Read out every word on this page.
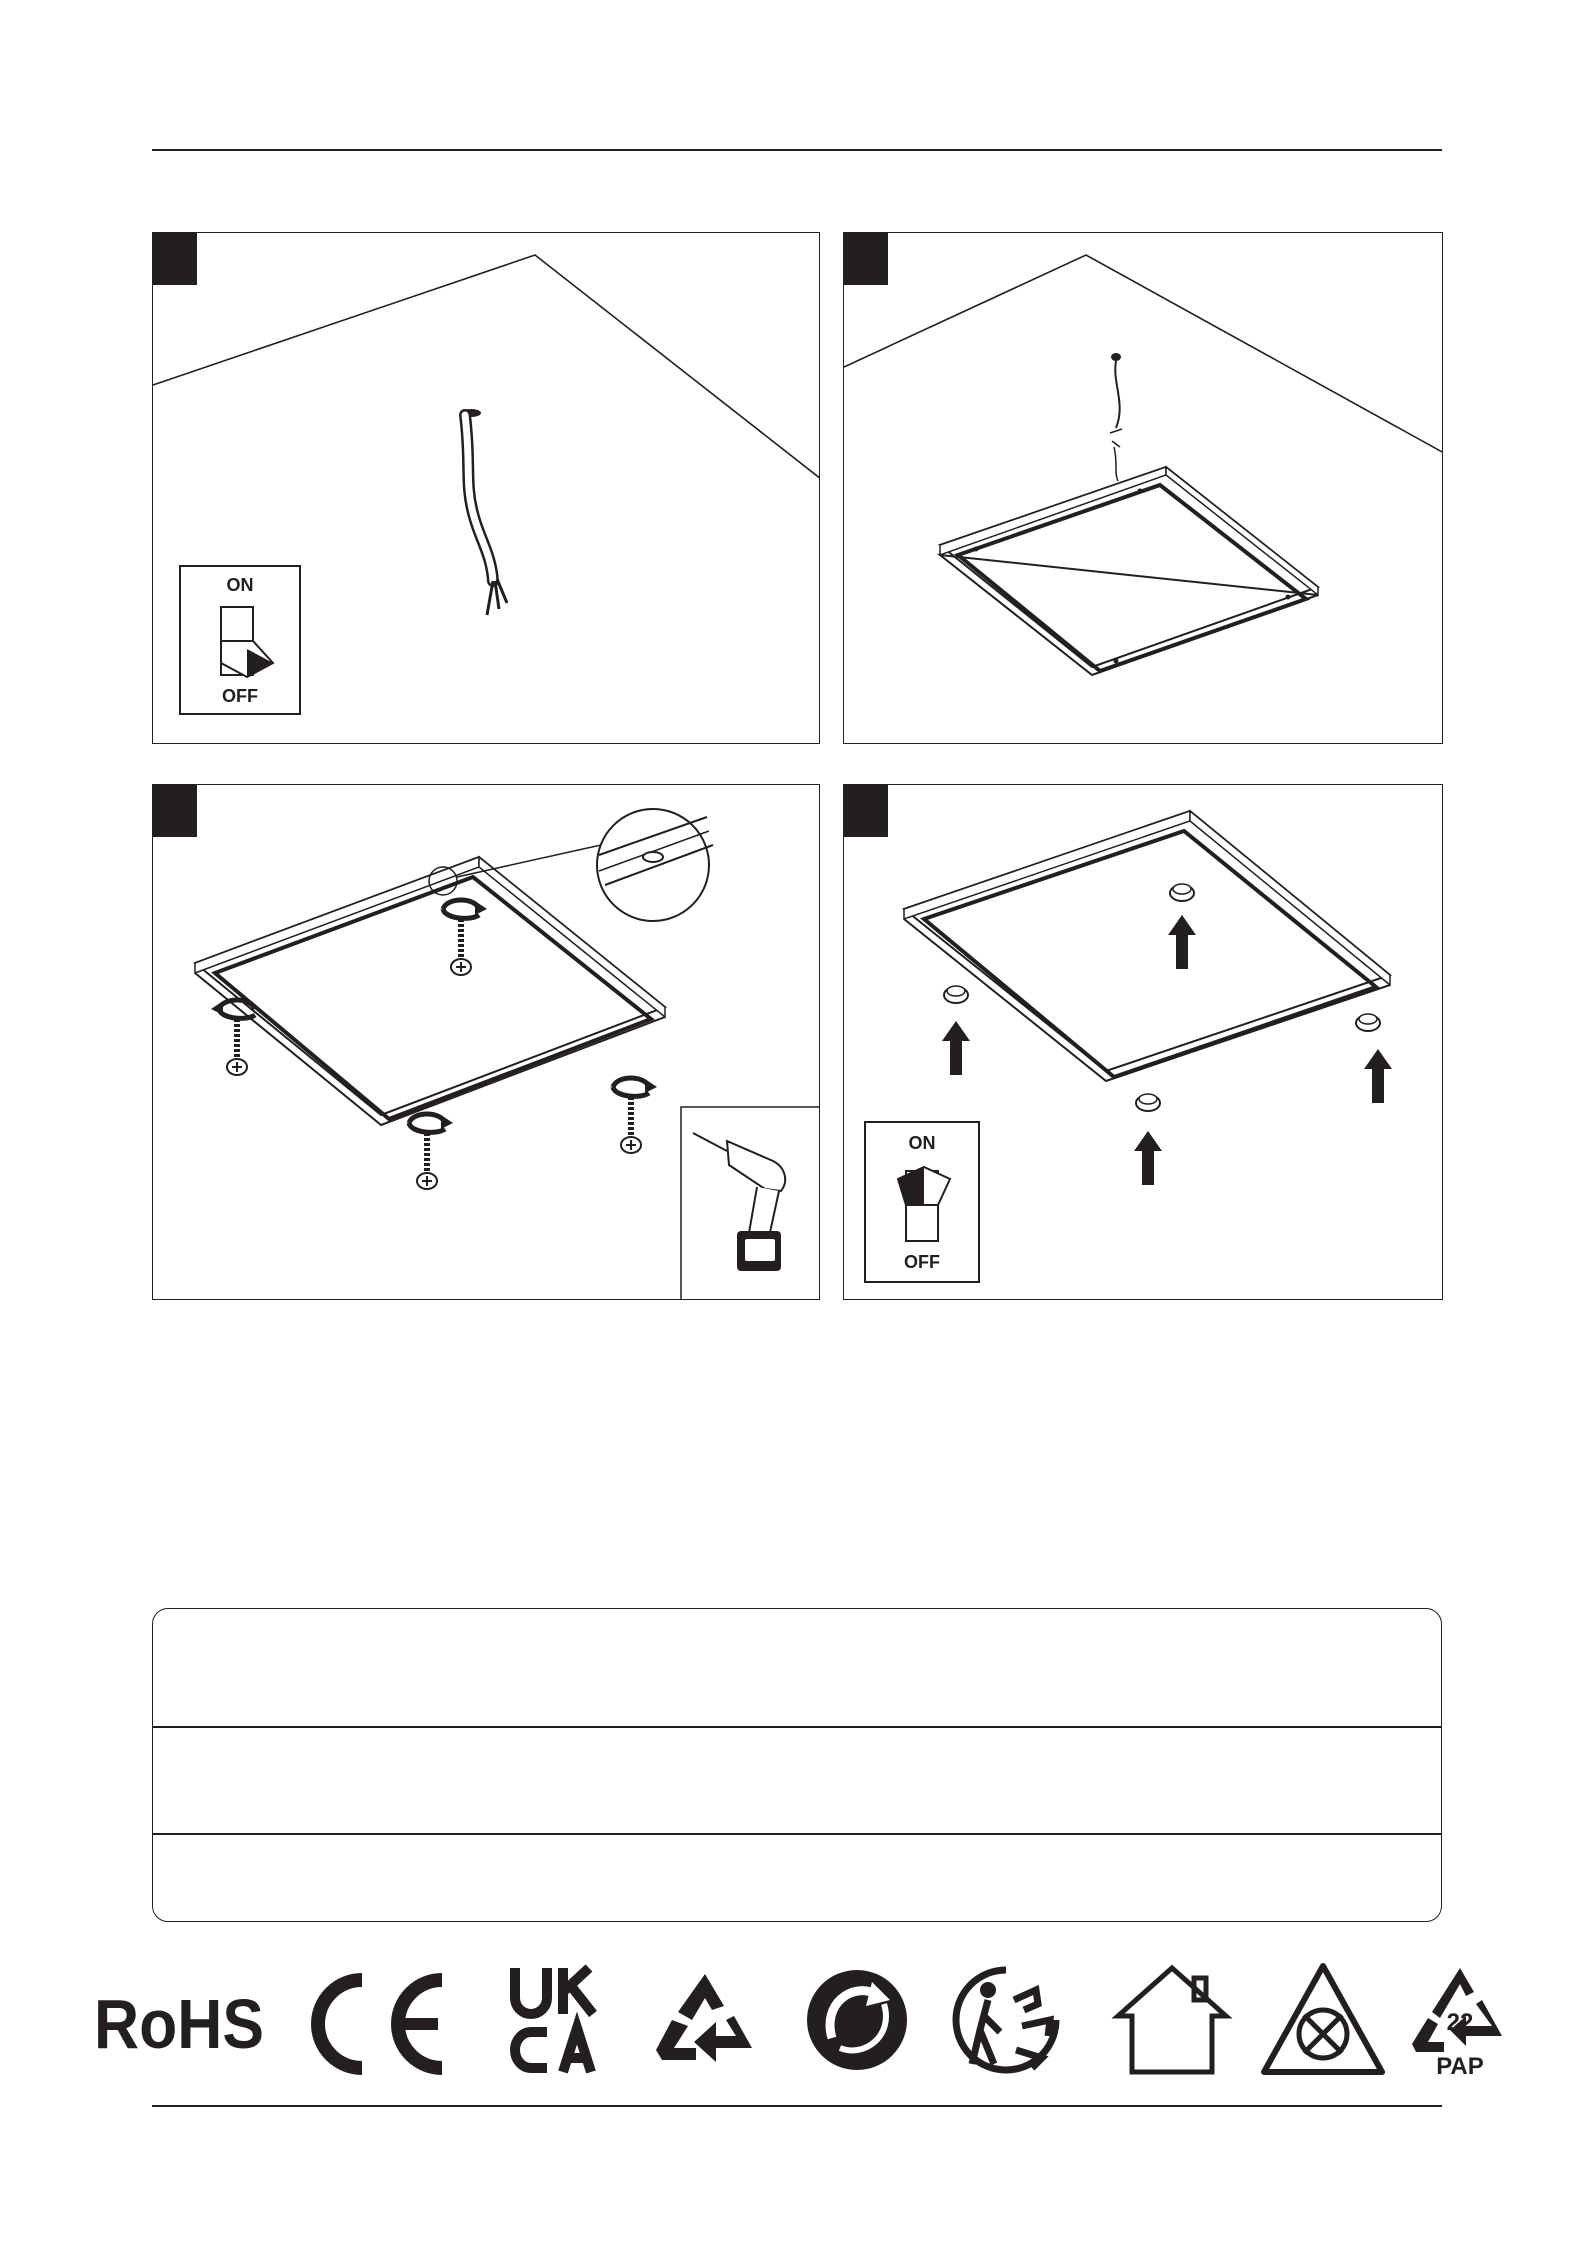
ON
OFF
ON
OFF
RoHS	22
PAP
